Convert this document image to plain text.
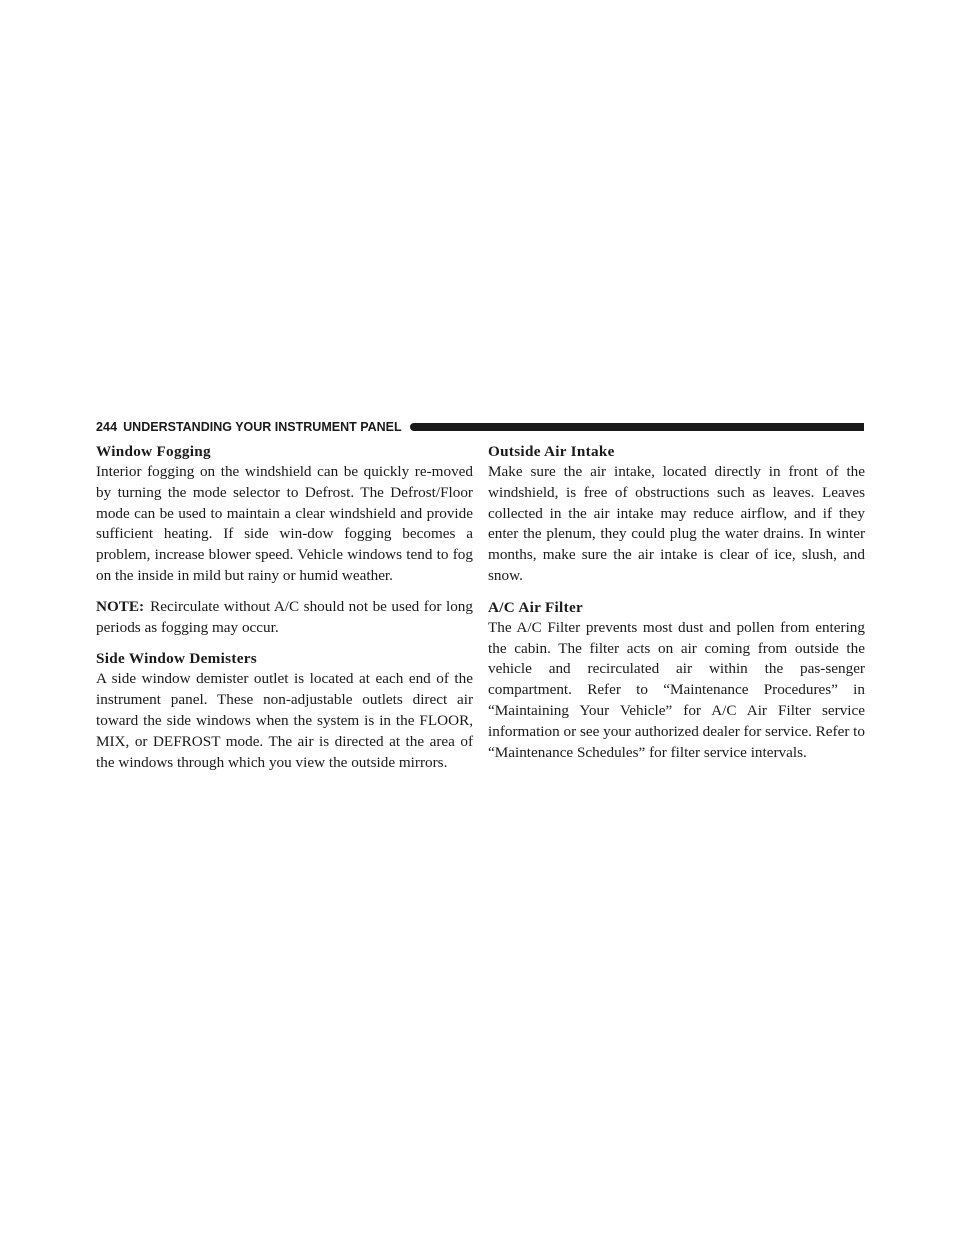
244 UNDERSTANDING YOUR INSTRUMENT PANEL
Window Fogging

Interior fogging on the windshield can be quickly re-moved by turning the mode selector to Defrost. The Defrost/Floor mode can be used to maintain a clear windshield and provide sufficient heating. If side win-dow fogging becomes a problem, increase blower speed. Vehicle windows tend to fog on the inside in mild but rainy or humid weather.

NOTE: Recirculate without A/C should not be used for long periods as fogging may occur.

Side Window Demisters

A side window demister outlet is located at each end of the instrument panel. These non-adjustable outlets direct air toward the side windows when the system is in the FLOOR, MIX, or DEFROST mode. The air is directed at the area of the windows through which you view the outside mirrors.

Outside Air Intake

Make sure the air intake, located directly in front of the windshield, is free of obstructions such as leaves. Leaves collected in the air intake may reduce airflow, and if they enter the plenum, they could plug the water drains. In winter months, make sure the air intake is clear of ice, slush, and snow.

A/C Air Filter

The A/C Filter prevents most dust and pollen from entering the cabin. The filter acts on air coming from outside the vehicle and recirculated air within the pas-senger compartment. Refer to “Maintenance Procedures” in “Maintaining Your Vehicle” for A/C Air Filter service information or see your authorized dealer for service. Refer to “Maintenance Schedules” for filter service intervals.
